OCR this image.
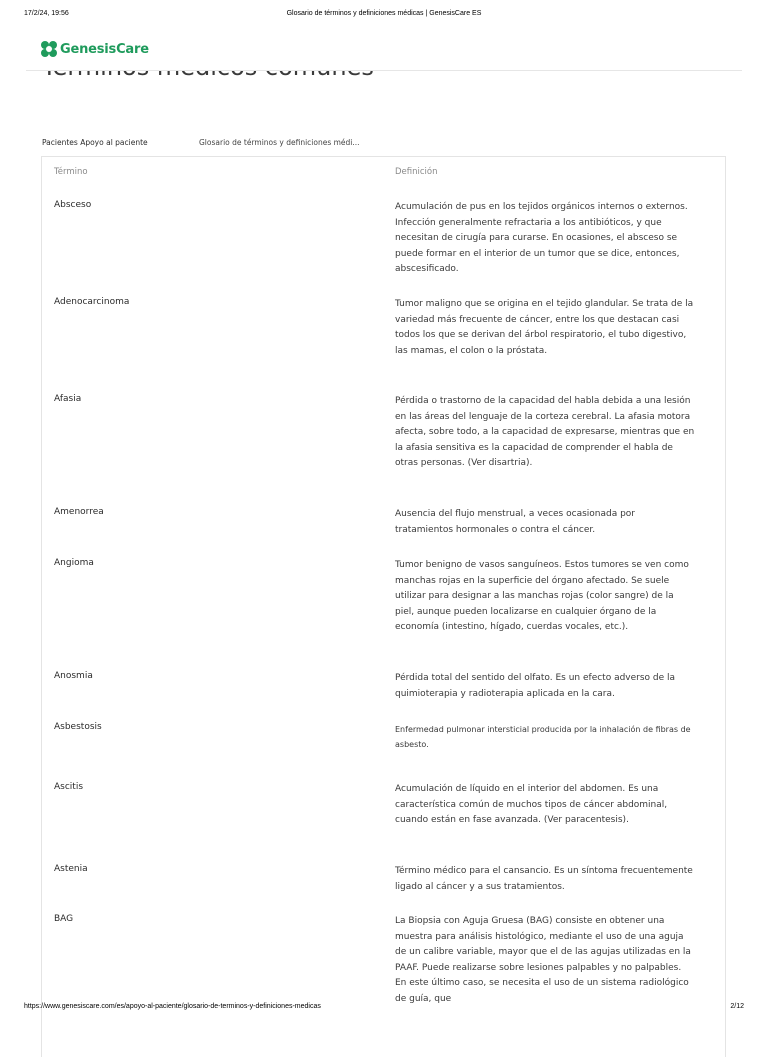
17/2/24, 19:56	Glosario de términos y definiciones médicas | GenesisCare ES
GenesisCare
Pacientes Apoyo al paciente	Glosario de términos y definiciones médi...
Término	Definición
Absceso	Acumulación de pus en los tejidos orgánicos internos o externos. Infección generalmente refractaria a los antibióticos, y que necesitan de cirugía para curarse. En ocasiones, el absceso se puede formar en el interior de un tumor que se dice, entonces, abscesificado.
Adenocarcinoma	Tumor maligno que se origina en el tejido glandular. Se trata de la variedad más frecuente de cáncer, entre los que destacan casi todos los que se derivan del árbol respiratorio, el tubo digestivo, las mamas, el colon o la próstata.
Afasia	Pérdida o trastorno de la capacidad del habla debida a una lesión en las áreas del lenguaje de la corteza cerebral. La afasia motora afecta, sobre todo, a la capacidad de expresarse, mientras que en la afasia sensitiva es la capacidad de comprender el habla de otras personas. (Ver disartria).
Amenorrea	Ausencia del flujo menstrual, a veces ocasionada por tratamientos hormonales o contra el cáncer.
Angioma	Tumor benigno de vasos sanguíneos. Estos tumores se ven como manchas rojas en la superficie del órgano afectado. Se suele utilizar para designar a las manchas rojas (color sangre) de la piel, aunque pueden localizarse en cualquier órgano de la economía (intestino, hígado, cuerdas vocales, etc.).
Anosmia	Pérdida total del sentido del olfato. Es un efecto adverso de la quimioterapia y radioterapia aplicada en la cara.
Asbestosis	Enfermedad pulmonar intersticial producida por la inhalación de fibras de asbesto.
Ascitis	Acumulación de líquido en el interior del abdomen. Es una característica común de muchos tipos de cáncer abdominal, cuando están en fase avanzada. (Ver paracentesis).
Astenia	Término médico para el cansancio. Es un síntoma frecuentemente ligado al cáncer y a sus tratamientos.
BAG	La Biopsia con Aguja Gruesa (BAG) consiste en obtener una muestra para análisis histológico, mediante el uso de una aguja de un calibre variable, mayor que el de las agujas utilizadas en la PAAF. Puede realizarse sobre lesiones palpables y no palpables. En este último caso, se necesita el uso de un sistema radiológico de guía, que
https://www.genesiscare.com/es/apoyo-al-paciente/glosario-de-terminos-y-definiciones-medicas	2/12
